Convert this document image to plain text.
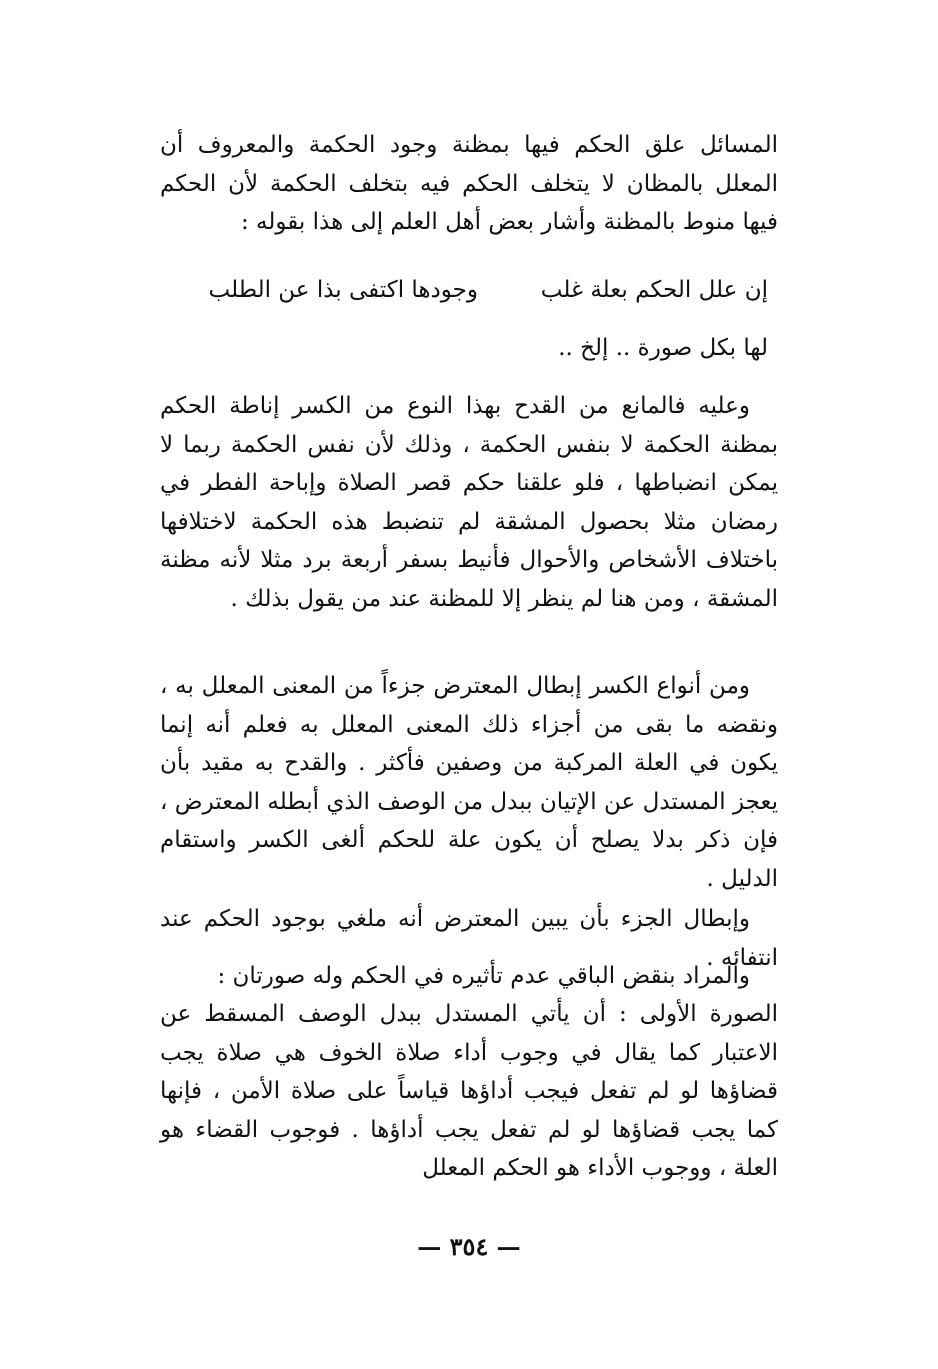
المسائل علق الحكم فيها بمظنة وجود الحكمة والمعروف أن المعلل بالمظان لا يتخلف الحكم فيه بتخلف الحكمة لأن الحكم فيها منوط بالمظنة وأشار بعض أهل العلم إلى هذا بقوله :

إن علل الحكم بعلة غلب

وجودها اكتفى بذا عن الطلب

لها بكل صورة .. إلخ ..

وعليه فالمانع من القدح بهذا النوع من الكسر إناطة الحكم بمظنة الحكمة لا بنفس الحكمة ، وذلك لأن نفس الحكمة ربما لا يمكن انضباطها ، فلو علقنا حكم قصر الصلاة وإباحة الفطر في رمضان مثلا بحصول المشقة لم تنضبط هذه الحكمة لاختلافها باختلاف الأشخاص والأحوال فأنيط بسفر أربعة برد مثلا لأنه مظنة المشقة ، ومن هنا لم ينظر إلا للمظنة عند من يقول بذلك .

ومن أنواع الكسر إبطال المعترض جزءاً من المعنى المعلل به ، ونقضه ما بقى من أجزاء ذلك المعنى المعلل به فعلم أنه إنما يكون في العلة المركبة من وصفين فأكثر . والقدح به مقيد بأن يعجز المستدل عن الإتيان ببدل من الوصف الذي أبطله المعترض ، فإن ذكر بدلا يصلح أن يكون علة للحكم ألغى الكسر واستقام الدليل .

وإبطال الجزء بأن يبين المعترض أنه ملغي بوجود الحكم عند انتفائه .

والمراد بنقض الباقي عدم تأثيره في الحكم وله صورتان :

الصورة الأولى : أن يأتي المستدل ببدل الوصف المسقط عن الاعتبار كما يقال في وجوب أداء صلاة الخوف هي صلاة يجب قضاؤها لو لم تفعل فيجب أداؤها قياساً على صلاة الأمن ، فإنها كما يجب قضاؤها لو لم تفعل يجب أداؤها . فوجوب القضاء هو العلة ، ووجوب الأداء هو الحكم المعلل

— ٣٥٤ —
